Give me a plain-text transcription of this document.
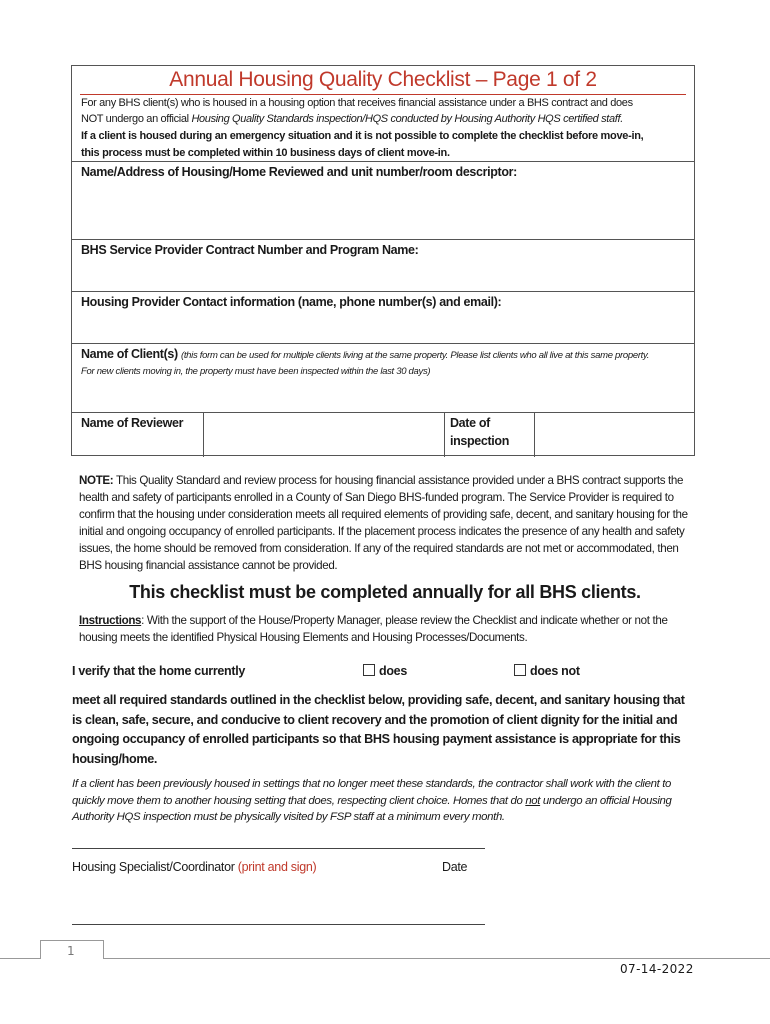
Annual Housing Quality Checklist – Page 1 of 2
For any BHS client(s) who is housed in a housing option that receives financial assistance under a BHS contract and does
NOT undergo an official Housing Quality Standards inspection/HQS conducted by Housing Authority HQS certified staff.
If a client is housed during an emergency situation and it is not possible to complete the checklist before move-in,
this process must be completed within 10 business days of client move-in.
Name/Address of Housing/Home Reviewed and unit number/room descriptor:
BHS Service Provider Contract Number and Program Name:
Housing Provider Contact information (name, phone number(s) and email):
Name of Client(s) (this form can be used for multiple clients living at the same property. Please list clients who all live at this same property.
For new clients moving in, the property must have been inspected within the last 30 days)
Name of Reviewer	Date of
inspection
NOTE: This Quality Standard and review process for housing financial assistance provided under a BHS contract supports the health and safety of participants enrolled in a County of San Diego BHS-funded program. The Service Provider is required to confirm that the housing under consideration meets all required elements of providing safe, decent, and sanitary housing for the initial and ongoing occupancy of enrolled participants. If the placement process indicates the presence of any health and safety issues, the home should be removed from consideration. If any of the required standards are not met or accommodated, then BHS housing financial assistance cannot be provided.
This checklist must be completed annually for all BHS clients.
Instructions: With the support of the House/Property Manager, please review the Checklist and indicate whether or not the housing meets the identified Physical Housing Elements and Housing Processes/Documents.
I verify that the home currently	does	does not
meet all required standards outlined in the checklist below, providing safe, decent, and sanitary housing that is clean, safe, secure, and conducive to client recovery and the promotion of client dignity for the initial and ongoing occupancy of enrolled participants so that BHS housing payment assistance is appropriate for this housing/home.
If a client has been previously housed in settings that no longer meet these standards, the contractor shall work with the client to quickly move them to another housing setting that does, respecting client choice. Homes that do not undergo an official Housing Authority HQS inspection must be physically visited by FSP staff at a minimum every month.
Housing Specialist/Coordinator (print and sign)	Date
1
07-14-2022
